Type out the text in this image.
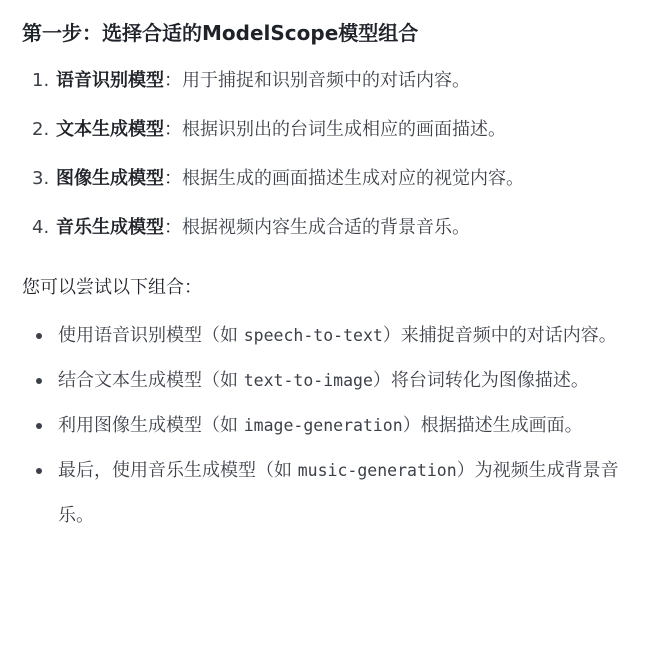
第一步：选择合适的ModelScope模型组合
1. 语音识别模型：用于捕捉和识别音频中的对话内容。
2. 文本生成模型：根据识别出的台词生成相应的画面描述。
3. 图像生成模型：根据生成的画面描述生成对应的视觉内容。
4. 音乐生成模型：根据视频内容生成合适的背景音乐。
您可以尝试以下组合：
使用语音识别模型（如 speech-to-text）来捕捉音频中的对话内容。
结合文本生成模型（如 text-to-image）将台词转化为图像描述。
利用图像生成模型（如 image-generation）根据描述生成画面。
最后，使用音乐生成模型（如 music-generation）为视频生成背景音乐。
